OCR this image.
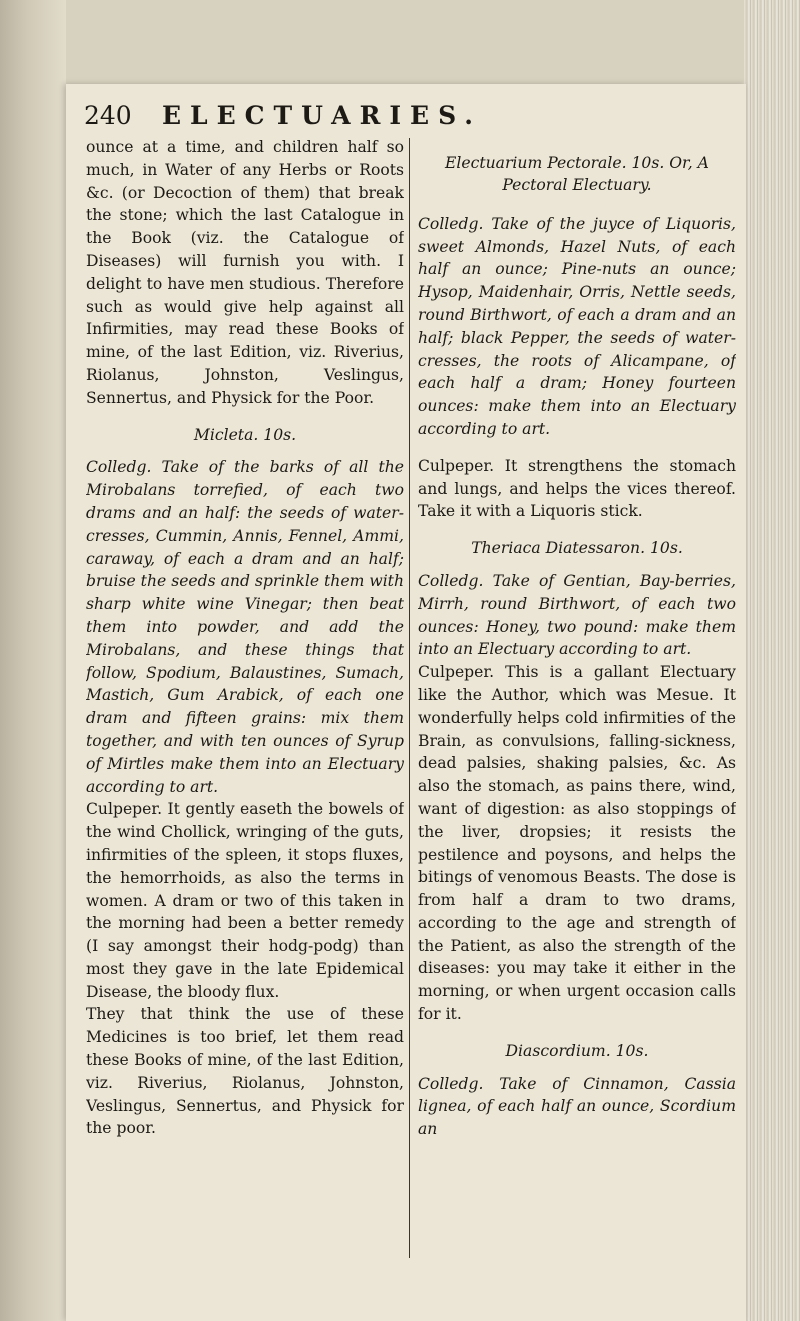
240 ELECTUARIES.

ounce at a time, and children half so much, in Water of any Herbs or Roots &c. (or Decoction of them) that break the stone; which the last Catalogue in the Book (viz. the Catalogue of Diseases) will furnish you with. I delight to have men studious. Therefore such as would give help against all Infirmities, may read these Books of mine, of the last Edition, viz. Riverius, Riolanus, Johnston, Veslingus, Sennertus, and Physick for the Poor.

Micleta. 10s.

Colledg. Take of the barks of all the Mirobalans torrefied, of each two drams and an half: the seeds of water-cresses, Cummin, Annis, Fennel, Ammi, caraway, of each a dram and an half; bruise the seeds and sprinkle them with sharp white wine Vinegar; then beat them into powder, and add the Mirobalans, and these things that follow, Spodium, Balaustines, Sumach, Mastich, Gum Arabick, of each one dram and fifteen grains: mix them together, and with ten ounces of Syrup of Mirtles make them into an Electuary according to art.

Culpeper. It gently easeth the bowels of the wind Chollick, wringing of the guts, infirmities of the spleen, it stops fluxes, the hemorrhoids, as also the terms in women. A dram or two of this taken in the morning had been a better remedy (I say amongst their hodg-podg) than most they gave in the late Epidemical Disease, the bloody flux.

They that think the use of these Medicines is too brief, let them read these Books of mine, of the last Edition, viz. Riverius, Riolanus, Johnston, Veslingus, Sennertus, and Physick for the poor.

Electuarium Pectorale. 10s. Or, A Pectoral Electuary.

Colledg. Take of the juyce of Liquoris, sweet Almonds, Hazel Nuts, of each half an ounce; Pine-nuts an ounce; Hysop, Maidenhair, Orris, Nettle seeds, round Birthwort, of each a dram and an half; black Pepper, the seeds of water-cresses, the roots of Alicampane, of each half a dram; Honey fourteen ounces: make them into an Electuary according to art.

Culpeper. It strengthens the stomach and lungs, and helps the vices thereof. Take it with a Liquoris stick.

Theriaca Diatessaron. 10s.

Colledg. Take of Gentian, Bay-berries, Mirrh, round Birthwort, of each two ounces: Honey, two pound: make them into an Electuary according to art.

Culpeper. This is a gallant Electuary like the Author, which was Mesue. It wonderfully helps cold infirmities of the Brain, as convulsions, falling-sickness, dead palsies, shaking palsies, &c. As also the stomach, as pains there, wind, want of digestion: as also stoppings of the liver, dropsies; it resists the pestilence and poysons, and helps the bitings of venomous Beasts. The dose is from half a dram to two drams, according to the age and strength of the Patient, as also the strength of the diseases: you may take it either in the morning, or when urgent occasion calls for it.

Diascordium. 10s.

Colledg. Take of Cinnamon, Cassia lignea, of each half an ounce, Scordium an
